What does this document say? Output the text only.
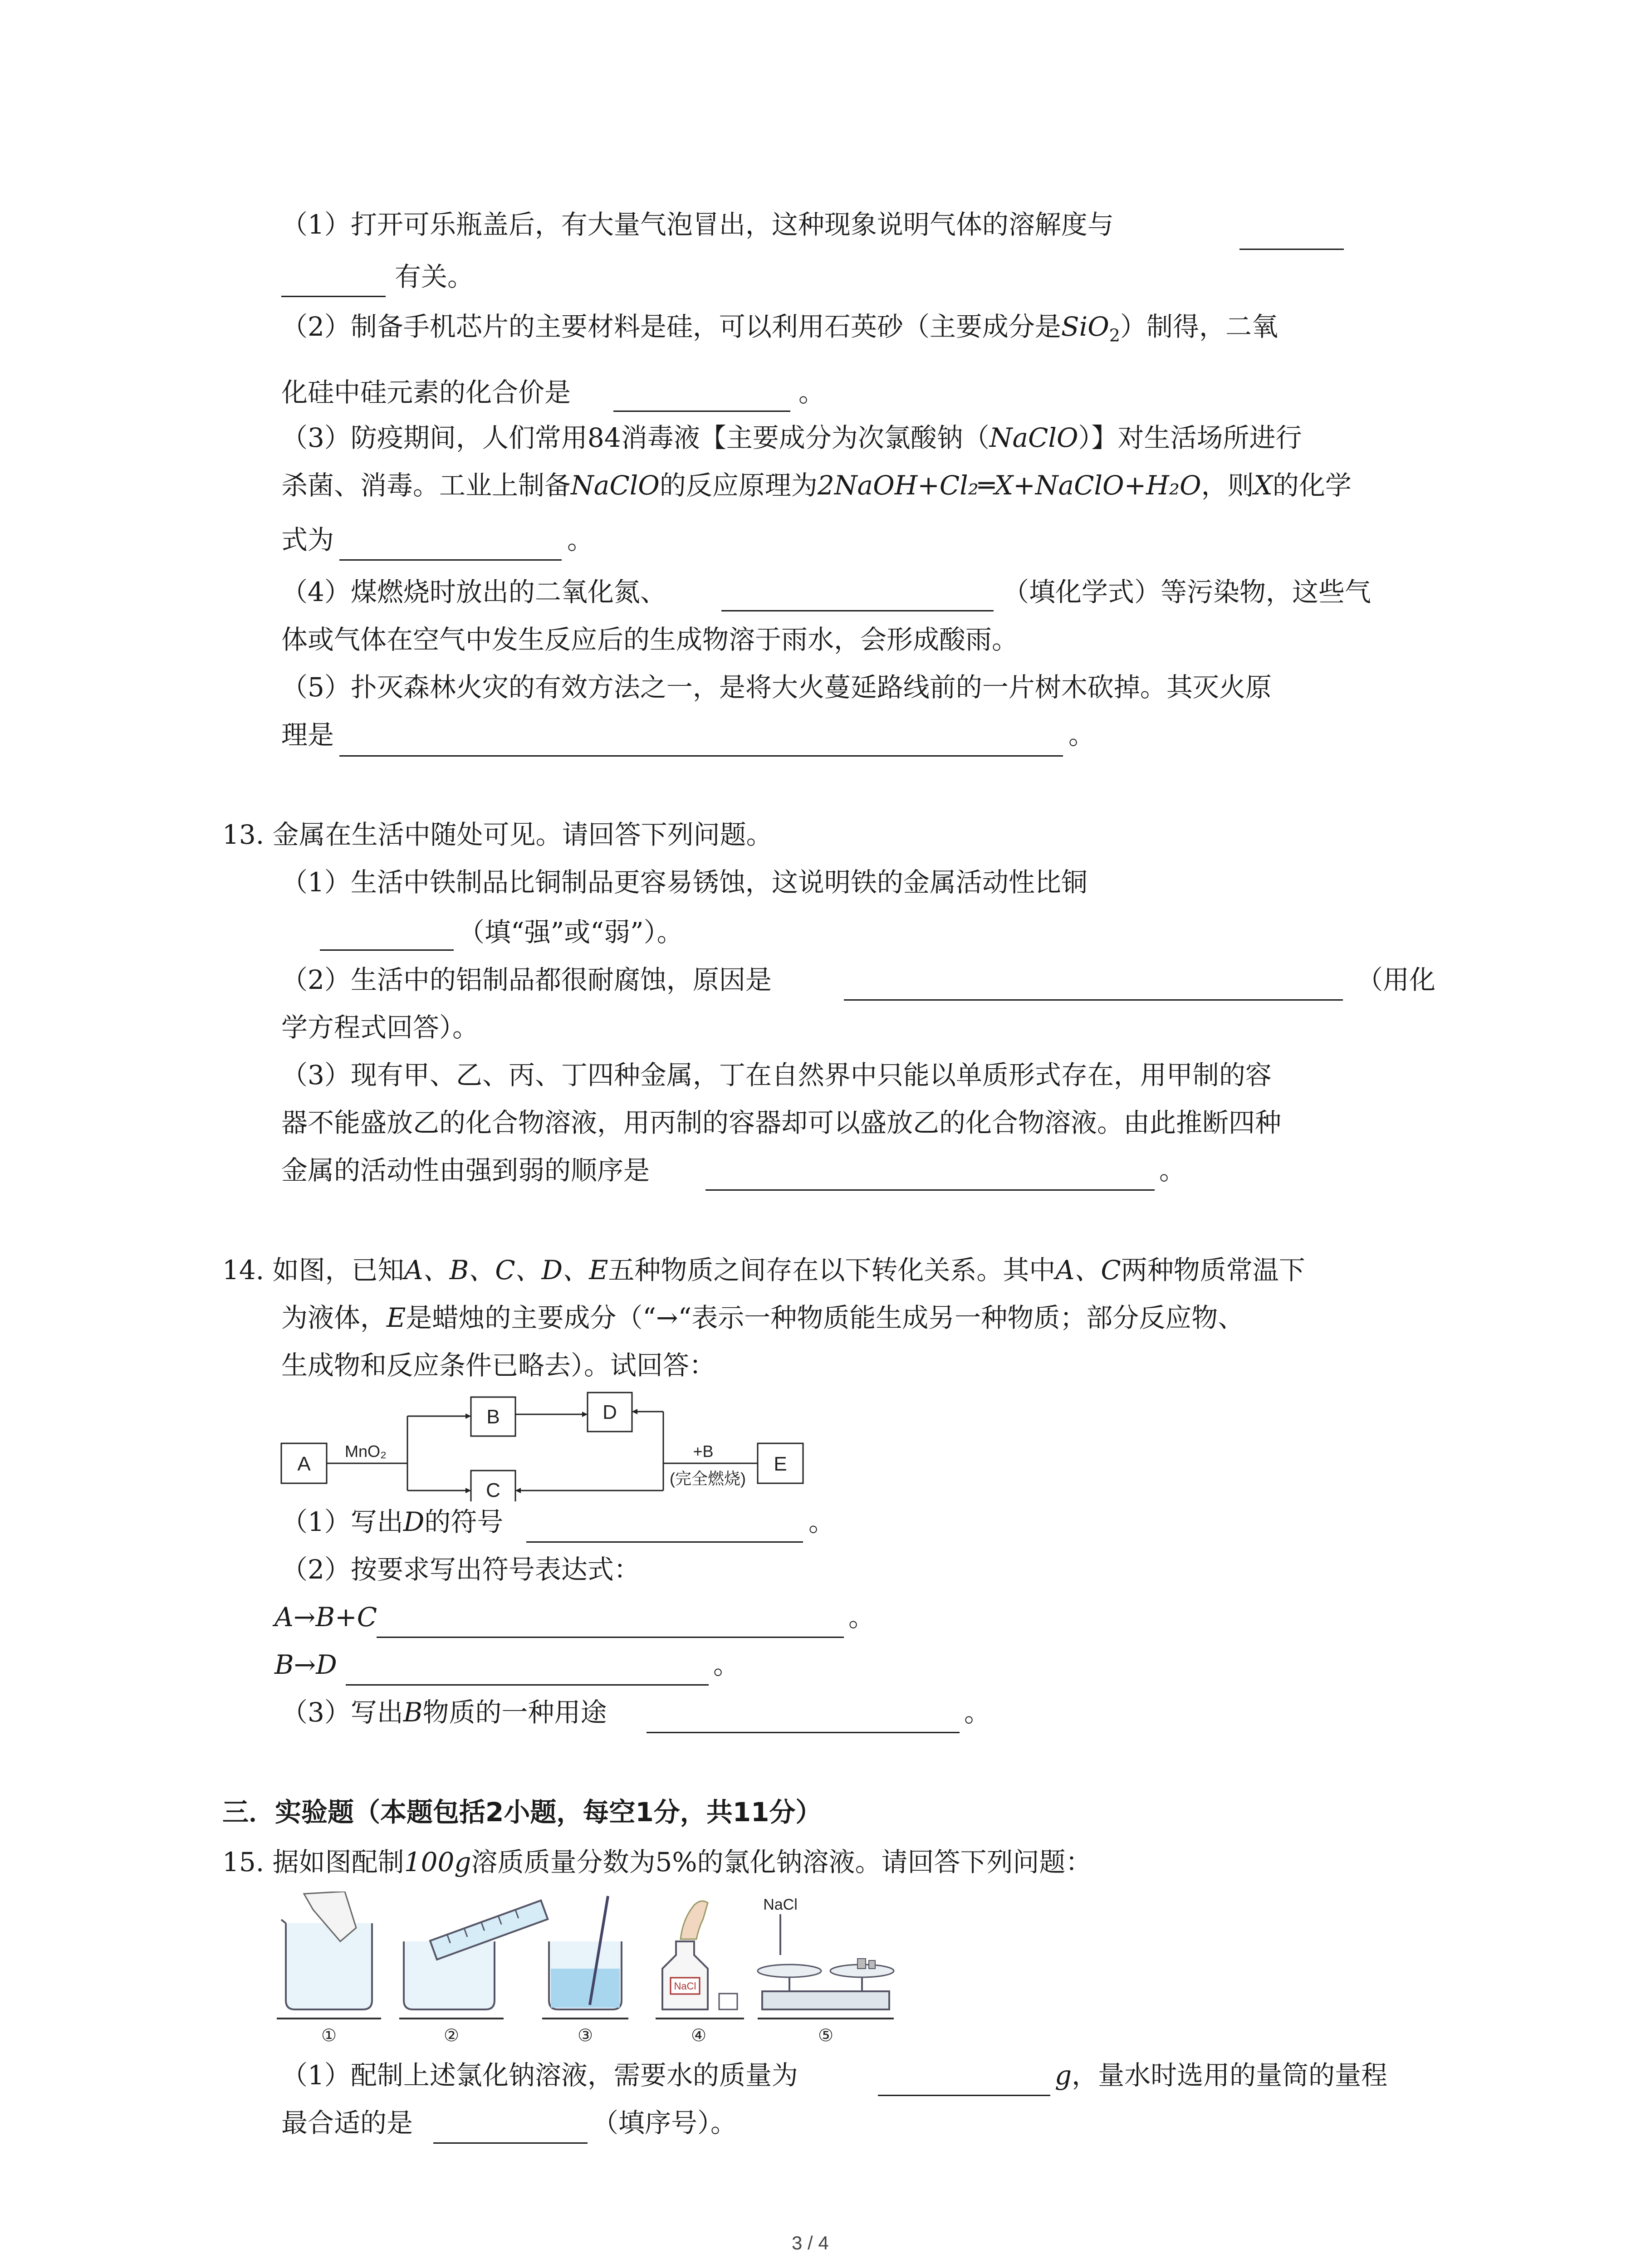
（1）打开可乐瓶盖后，有大量气泡冒出，这种现象说明气体的溶解度与
有关。
（2）制备手机芯片的主要材料是硅，可以利用石英砂（主要成分是SiO$_2$）制得，二氧
化硅中硅元素的化合价是	。
（3）防疫期间，人们常用84消毒液【主要成分为次氯酸钠（NaClO）】对生活场所进行
杀菌、消毒。工业上制备NaClO的反应原理为2NaOH+Cl₂═X+NaClO+H₂O，则X的化学
式为	。
（4）煤燃烧时放出的二氧化氮、	（填化学式）等污染物，这些气
体或气体在空气中发生反应后的生成物溶于雨水，会形成酸雨。
（5）扑灭森林火灾的有效方法之一，是将大火蔓延路线前的一片树木砍掉。其灭火原
理是	。
13. 金属在生活中随处可见。请回答下列问题。
（1）生活中铁制品比铜制品更容易锈蚀，这说明铁的金属活动性比铜
（填“强”或“弱”）。
（2）生活中的铝制品都很耐腐蚀，原因是	（用化
学方程式回答）。
（3）现有甲、乙、丙、丁四种金属，丁在自然界中只能以单质形式存在，用甲制的容
器不能盛放乙的化合物溶液，用丙制的容器却可以盛放乙的化合物溶液。由此推断四种
金属的活动性由强到弱的顺序是	。
14. 如图，已知A、B、C、D、E五种物质之间存在以下转化关系。其中A、C两种物质常温下
为液体，E是蜡烛的主要成分（“→“表示一种物质能生成另一种物质；部分反应物、
生成物和反应条件已略去）。试回答：
A
B	D
C
E
MnO₂	+B
(完全燃烧)
（1）写出D的符号	。
（2）按要求写出符号表达式：
A→B+C	。
B→D	。
（3）写出B物质的一种用途	。
三．实验题（本题包括2小题，每空1分，共11分）
15. 据如图配制100g溶质质量分数为5%的氯化钠溶液。请回答下列问题：
NaCl
NaCl
①	②	③	④	⑤
（1）配制上述氯化钠溶液，需要水的质量为	g，量水时选用的量筒的量程
最合适的是	（填序号）。
3 / 4
